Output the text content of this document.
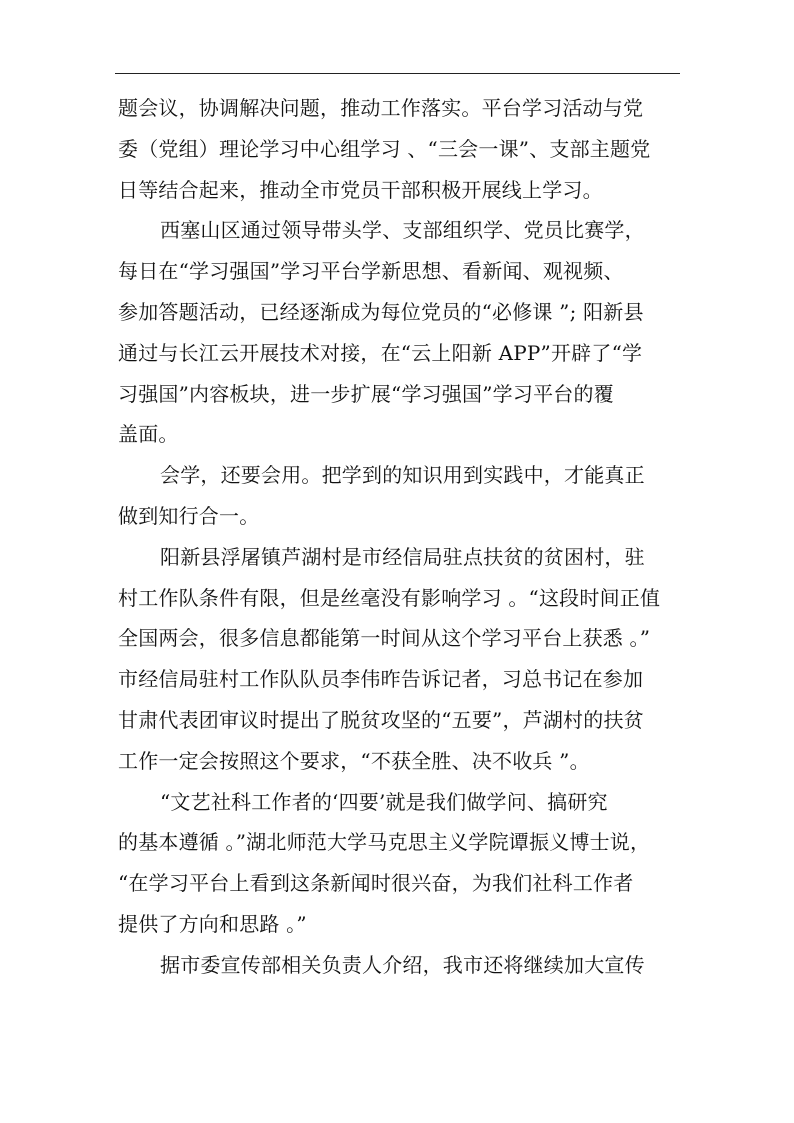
题会议，协调解决问题，推动工作落实。平台学习活动与党
委（党组）理论学习中心组学习 、“三会一课”、支部主题党
日等结合起来，推动全市党员干部积极开展线上学习。
西塞山区通过领导带头学、支部组织学、党员比赛学，
每日在“学习强国”学习平台学新思想、看新闻、观视频、
参加答题活动，已经逐渐成为每位党员的“必修课 ”; 阳新县
通过与长江云开展技术对接，在“云上阳新 APP”开辟了“学
习强国”内容板块，进一步扩展“学习强国”学习平台的覆
盖面。
会学，还要会用。把学到的知识用到实践中，才能真正
做到知行合一。
阳新县浮屠镇芦湖村是市经信局驻点扶贫的贫困村，驻
村工作队条件有限，但是丝毫没有影响学习 。“这段时间正值
全国两会，很多信息都能第一时间从这个学习平台上获悉 。”
市经信局驻村工作队队员李伟昨告诉记者，习总书记在参加
甘肃代表团审议时提出了脱贫攻坚的“五要”，芦湖村的扶贫
工作一定会按照这个要求，“不获全胜、决不收兵 ”。
“文艺社科工作者的‘四要’就是我们做学问、搞研究
的基本遵循 。”湖北师范大学马克思主义学院谭振义博士说，
“在学习平台上看到这条新闻时很兴奋，为我们社科工作者
提供了方向和思路 。”
据市委宣传部相关负责人介绍，我市还将继续加大宣传
